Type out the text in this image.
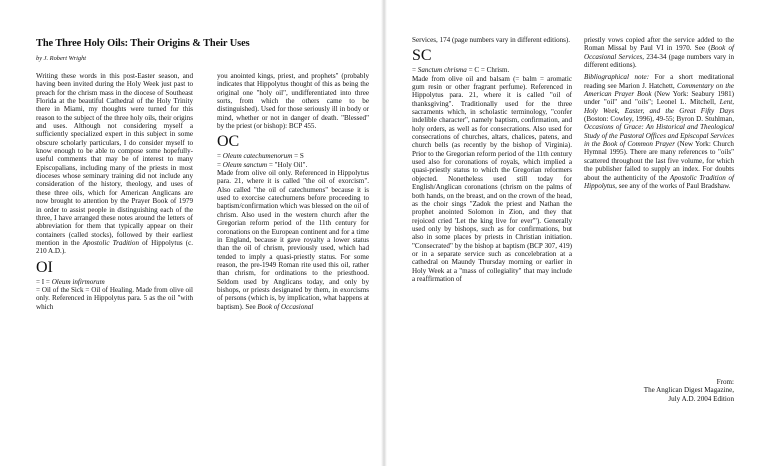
The Three Holy Oils: Their Origins & Their Uses
by J. Robert Wright

Writing these words in this post-Easter season, and having been invited during the Holy Week just past to preach for the chrism mass in the diocese of Southeast Florida at the beautiful Cathedral of the Holy Trinity there in Miami, my thoughts were turned for this reason to the subject of the three holy oils, their origins and uses. Although not considering myself a sufficiently specialized expert in this subject in some obscure scholarly particulars, I do consider myself to know enough to be able to compose some hopefully-useful comments that may be of interest to many Episcopalians, including many of the priests in most dioceses whose seminary training did not include any consideration of the history, theology, and uses of these three oils, which for American Anglicans are now brought to attention by the Prayer Book of 1979 in order to assist people in distinguishing each of the three, I have arranged these notes around the letters of abbreviation for them that typically appear on their containers (called stocks), followed by their earliest mention in the Apostolic Tradition of Hippolytus (c. 210 A.D.).

OI

= I = Oleum infirmorum

= Oil of the Sick = Oil of Healing. Made from olive oil only. Referenced in Hippolytus para. 5 as the oil "with which

you anointed kings, priest, and prophets" (probably indicates that Hippolytus thought of this as being the original one "holy oil", undifferentiated into three sorts, from which the others came to be distinguished). Used for those seriously ill in body or mind, whether or not in danger of death. "Blessed" by the priest (or bishop): BCP 455.

OC

= Oleum catechumenorum = S

= Oleum sanctum = "Holy Oil".

Made from olive oil only. Referenced in Hippolytus para. 21, where it is called "the oil of exorcism". Also called "the oil of catechumens" because it is used to exorcise catechumens before proceeding to baptism/confirmation which was blessed on the oil of chrism. Also used in the western church after the Gregorian reform period of the 11th century for coronations on the European continent and for a time in England, because it gave royalty a lower status than the oil of chrism, previously used, which had tended to imply a quasi-priestly status. For some reason, the pre-1949 Roman rite used this oil, rather than chrism, for ordinations to the priesthood. Seldom used by Anglicans today, and only by bishops, or priests designated by them, in exorcisms of persons (which is, by implication, what happens at baptism). See Book of Occasional

Services, 174 (page numbers vary in different editions).

SC

= Sanctum chrisma = C = Chrism.

Made from olive oil and balsam (= balm = aromatic gum resin or other fragrant perfume). Referenced in Hippolytus para. 21, where it is called "oil of thanksgiving". Traditionally used for the three sacraments which, in scholastic terminology, "confer indelible character", namely baptism, confirmation, and holy orders, as well as for consecrations. Also used for consecrations of churches, altars, chalices, patens, and church bells (as recently by the bishop of Virginia). Prior to the Gregorian reform period of the 11th century used also for coronations of royals, which implied a quasi-priestly status to which the Gregorian reformers objected. Nonetheless used still today for English/Anglican coronations (chrism on the palms of both hands, on the breast, and on the crown of the head, as the choir sings "Zadok the priest and Nathan the prophet anointed Solomon in Zion, and they that rejoiced cried 'Let the king live for ever'"). Generally used only by bishops, such as for confirmations, but also in some places by priests in Christian initiation. "Consecrated" by the bishop at baptism (BCP 307, 419) or in a separate service such as concelebration at a cathedral on Maundy Thursday morning or earlier in Holy Week at a "mass of collegiality" that may include a reaffirmation of

priestly vows copied after the service added to the Roman Missal by Paul VI in 1970. See (Book of Occasional Services, 234-34 (page numbers vary in different editions).

Bibliographical note: For a short meditational reading see Marion J. Hatchett, Commentary on the American Prayer Book (New York: Seabury 1981) under "oil" and "oils"; Leonel L. Mitchell, Lent, Holy Week, Easter, and the Great Fifty Days (Boston: Cowley, 1996), 49-55; Byron D. Stuhlman, Occasions of Grace: An Historical and Theological Study of the Pastoral Offices and Episcopal Services in the Book of Common Prayer (New York: Church Hymnal 1995). There are many references to "oils" scattered throughout the last five volume, for which the publisher failed to supply an index. For doubts about the authenticity of the Apostolic Tradition of Hippolytus, see any of the works of Paul Bradshaw.

From:
The Anglican Digest Magazine,
July A.D. 2004 Edition
